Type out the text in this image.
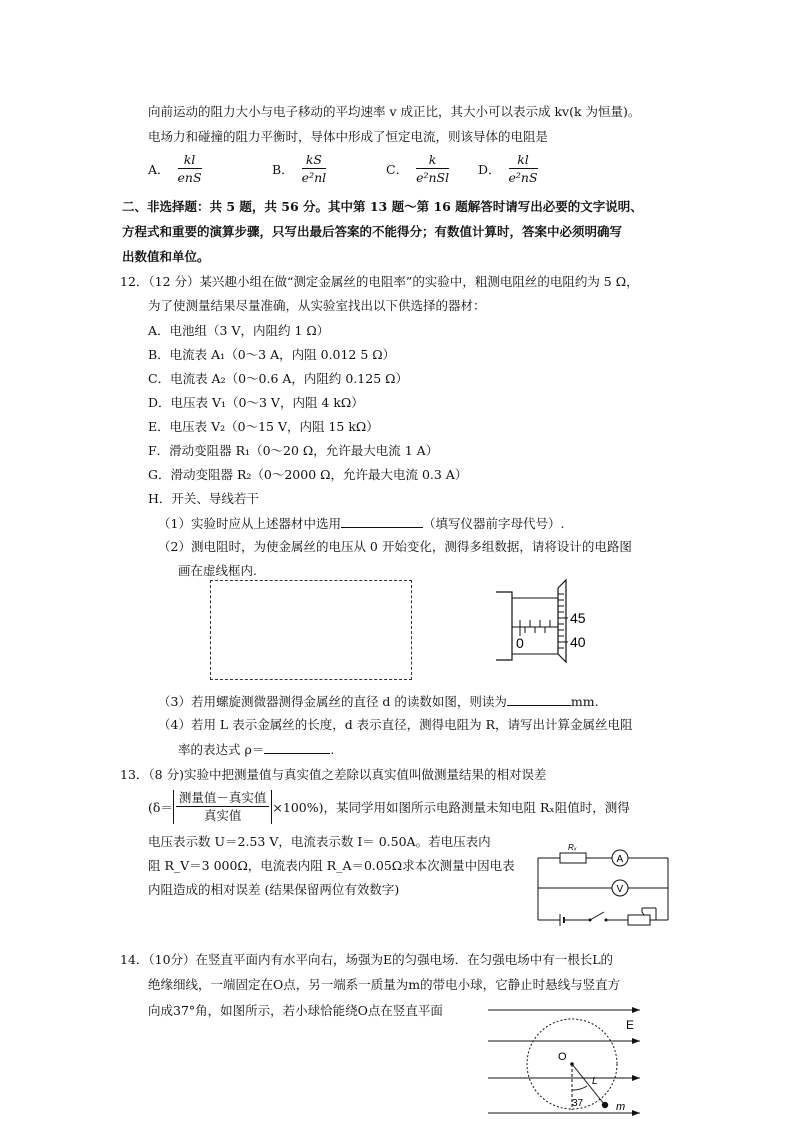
向前运动的阻力大小与电子移动的平均速率 v 成正比，其大小可以表示成 kv(k 为恒量)。
电场力和碰撞的阻力平衡时，导体中形成了恒定电流，则该导体的电阻是
A． $\frac{kl}{\text{enS}}$	B． $\frac{kS}{\text{e²nl}}$	C． $\frac{k}{\text{e²nSl}}$ D． $\frac{kl}{\text{e²nS}}$
二、非选择题：共 5 题，共 56 分。其中第 13 题～第 16 题解答时请写出必要的文字说明、
方程式和重要的演算步骤，只写出最后答案的不能得分；有数值计算时，答案中必须明确写
出数值和单位。
12．（12 分）某兴趣小组在做“测定金属丝的电阻率”的实验中，粗测电阻丝的电阻约为 5 Ω，
为了使测量结果尽量准确，从实验室找出以下供选择的器材：
A．电池组（3 V，内阻约 1 Ω）
B．电流表 A₁（0～3 A，内阻 0.012 5 Ω）
C．电流表 A₂（0～0.6 A，内阻约 0.125 Ω）
D．电压表 V₁（0～3 V，内阻 4 kΩ）
E．电压表 V₂（0～15 V，内阻 15 kΩ）
F．滑动变阻器 R₁（0～20 Ω，允许最大电流 1 A）
G．滑动变阻器 R₂（0～2000 Ω，允许最大电流 0.3 A）
H．开关、导线若干
（1）实验时应从上述器材中选用	（填写仪器前字母代号）.
（2）测电阻时，为使金属丝的电压从 0 开始变化，测得多组数据，请将设计的电路图
画在虚线框内.
45
40
0
（3）若用螺旋测微器测得金属丝的直径 d 的读数如图，则读为	mm.
（4）若用 L 表示金属丝的长度，d 表示直径，测得电阻为 R，请写出计算金属丝电阻
率的表达式 ρ＝	.
13．（8 分)实验中把测量值与真实值之差除以真实值叫做测量结果的相对误差
$(\delta= \frac{\text{测量值－真实值}}{\text{真实值}} \times 100\%)$，某同学用如图所示电路测量未知电阻 Rₓ阻值时，测得
电压表示数 U＝2.53 V，电流表示数 I＝ 0.50A。若电压表内
阻 R_V＝3 000Ω，电流表内阻 R_A＝0.05Ω求本次测量中因电表
内阻造成的相对误差 (结果保留两位有效数字)
Rₓ
A
V
14．（10分）在竖直平面内有水平向右，场强为E的匀强电场．在匀强电场中有一根长L的
绝缘细线，一端固定在O点，另一端系一质量为m的带电小球，它静止时悬线与竖直方
向成37°角，如图所示，若小球恰能绕O点在竖直平面
E
O
37
L
m
